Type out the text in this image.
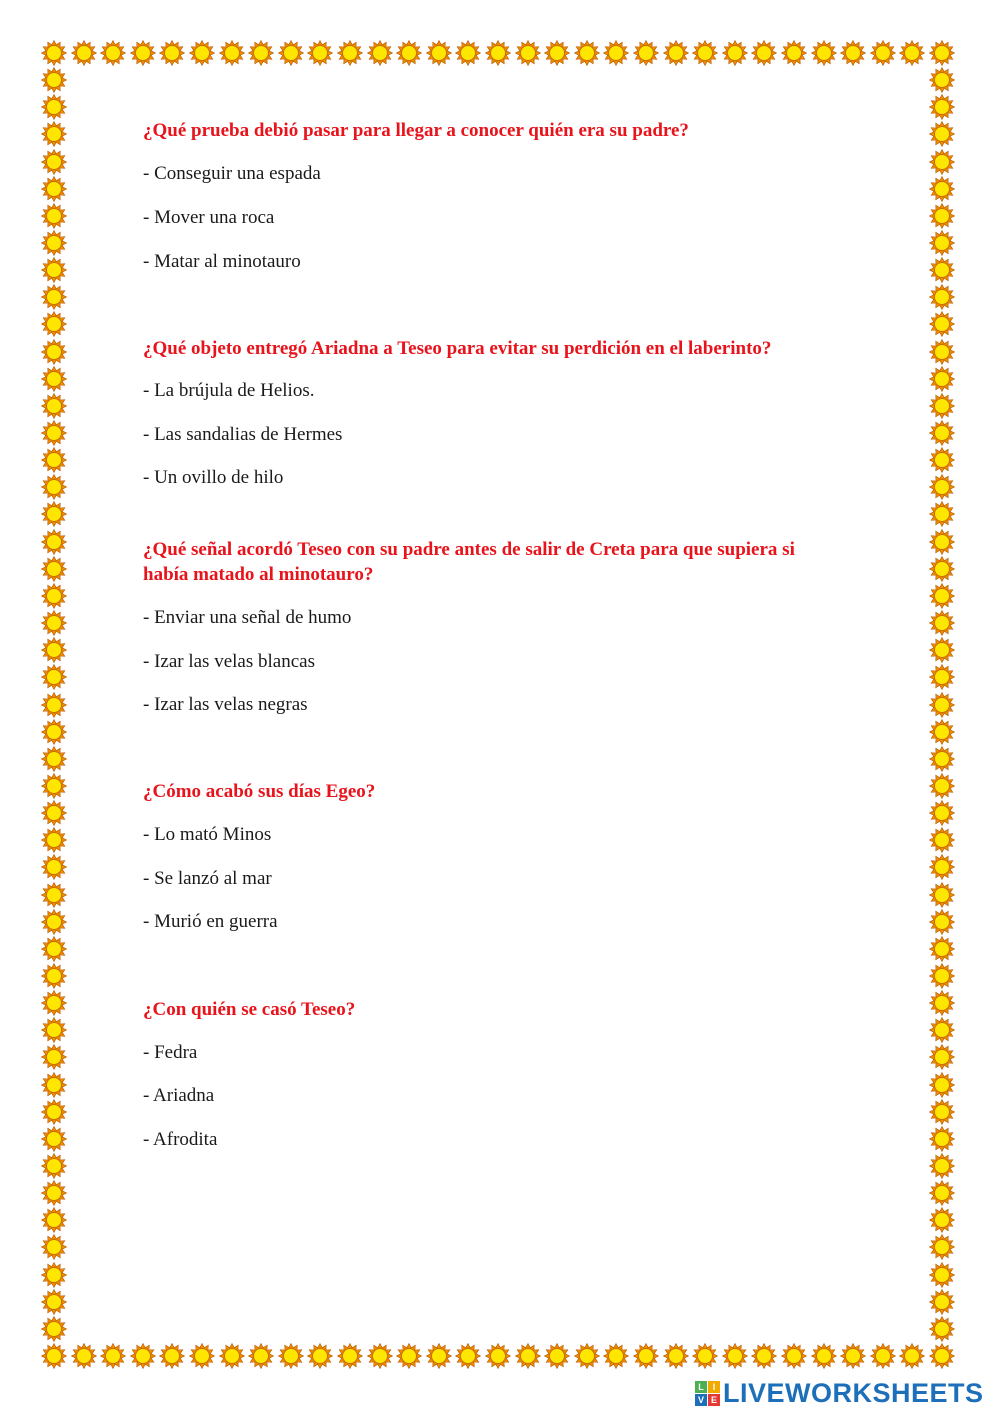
¿Qué prueba debió pasar para llegar a conocer quién era su padre?

- Conseguir una espada

- Mover una roca

- Matar al minotauro

¿Qué objeto entregó Ariadna a Teseo para evitar su perdición en el laberinto?

- La brújula de Helios.

- Las sandalias de Hermes

- Un ovillo de hilo

¿Qué señal acordó Teseo con su padre antes de salir de Creta para que supiera si

había matado al minotauro?

- Enviar una señal de humo

- Izar las velas blancas

- Izar las velas negras

¿Cómo acabó sus días Egeo?

- Lo mató Minos

- Se lanzó al mar

- Murió en guerra

¿Con quién se casó Teseo?

- Fedra

- Ariadna

- Afrodita

L I
V E LIVEWORKSHEETS
